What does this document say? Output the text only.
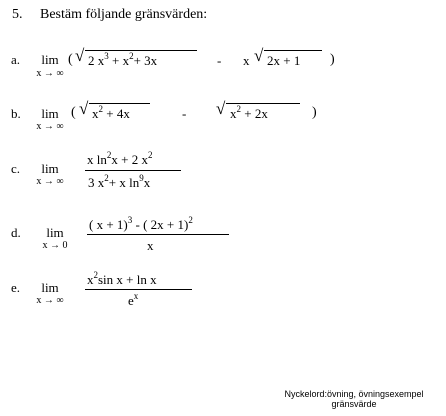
5. Bestäm följande gränsvärden:
a.	lim
x → ∞
( √ 2 $x^3 + x^2+ 3x$	- x √ 2x + 1 )
b.	lim
x → ∞
( √ $x^2 + 4x$	- √ $x^2 + 2x$	)
c.	lim
x → ∞
x $\ln^2x + 2$ $x^2$
3 $x^2+ x$ $\ln^9x$
d.	lim
x → 0
( x + 1)$^3$ - ( 2x + 1)$^2$
x
e.	lim
x → ∞
$x^2\sin$ x + ln x
$e^x$
Nyckelord:övning, övningsexempel
gränsvärde
